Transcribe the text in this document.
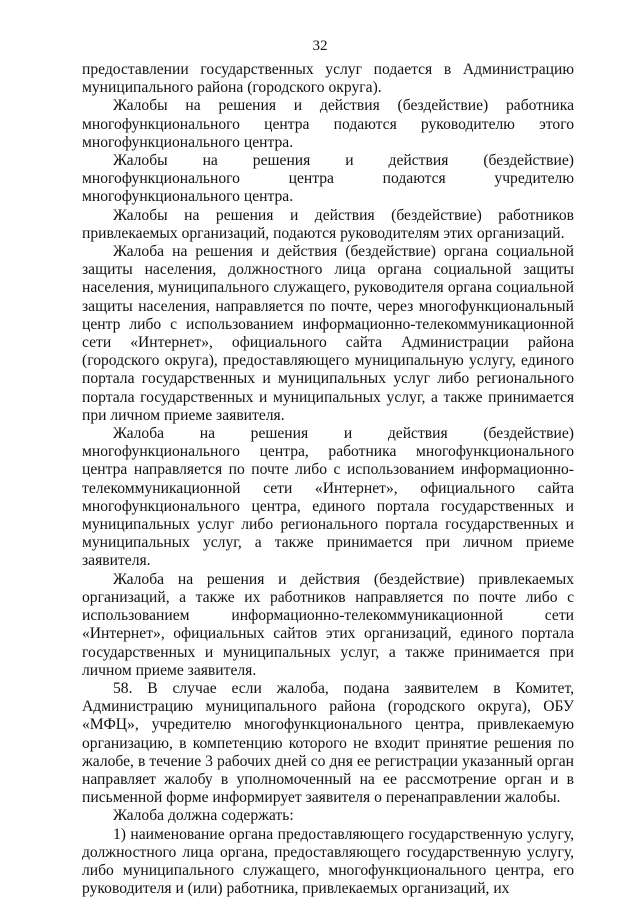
32

предоставлении государственных услуг подается в Администрацию муниципального района (городского округа).

Жалобы на решения и действия (бездействие) работника многофункционального центра подаются руководителю этого многофункционального центра.

Жалобы на решения и действия (бездействие) многофункционального центра подаются учредителю многофункционального центра.

Жалобы на решения и действия (бездействие) работников привлекаемых организаций, подаются руководителям этих организаций.

Жалоба на решения и действия (бездействие) органа социальной защиты населения, должностного лица органа социальной защиты населения, муниципального служащего, руководителя органа социальной защиты населения, направляется по почте, через многофункциональный центр либо с использованием информационно-телекоммуникационной сети «Интернет», официального сайта Администрации района (городского округа), предоставляющего муниципальную услугу, единого портала государственных и муниципальных услуг либо регионального портала государственных и муниципальных услуг, а также принимается при личном приеме заявителя.

Жалоба на решения и действия (бездействие) многофункционального центра, работника многофункционального центра направляется по почте либо с использованием информационно-телекоммуникационной сети «Интернет», официального сайта многофункционального центра, единого портала государственных и муниципальных услуг либо регионального портала государственных и муниципальных услуг, а также принимается при личном приеме заявителя.

Жалоба на решения и действия (бездействие) привлекаемых организаций, а также их работников направляется по почте либо с использованием информационно-телекоммуникационной сети «Интернет», официальных сайтов этих организаций, единого портала государственных и муниципальных услуг, а также принимается при личном приеме заявителя.

58. В случае если жалоба, подана заявителем в Комитет, Администрацию муниципального района (городского округа), ОБУ «МФЦ», учредителю многофункционального центра, привлекаемую организацию, в компетенцию которого не входит принятие решения по жалобе, в течение 3 рабочих дней со дня ее регистрации указанный орган направляет жалобу в уполномоченный на ее рассмотрение орган и в письменной форме информирует заявителя о перенаправлении жалобы.

Жалоба должна содержать:

1) наименование органа предоставляющего государственную услугу, должностного лица органа, предоставляющего государственную услугу, либо муниципального служащего, многофункционального центра, его руководителя и (или) работника, привлекаемых организаций, их
